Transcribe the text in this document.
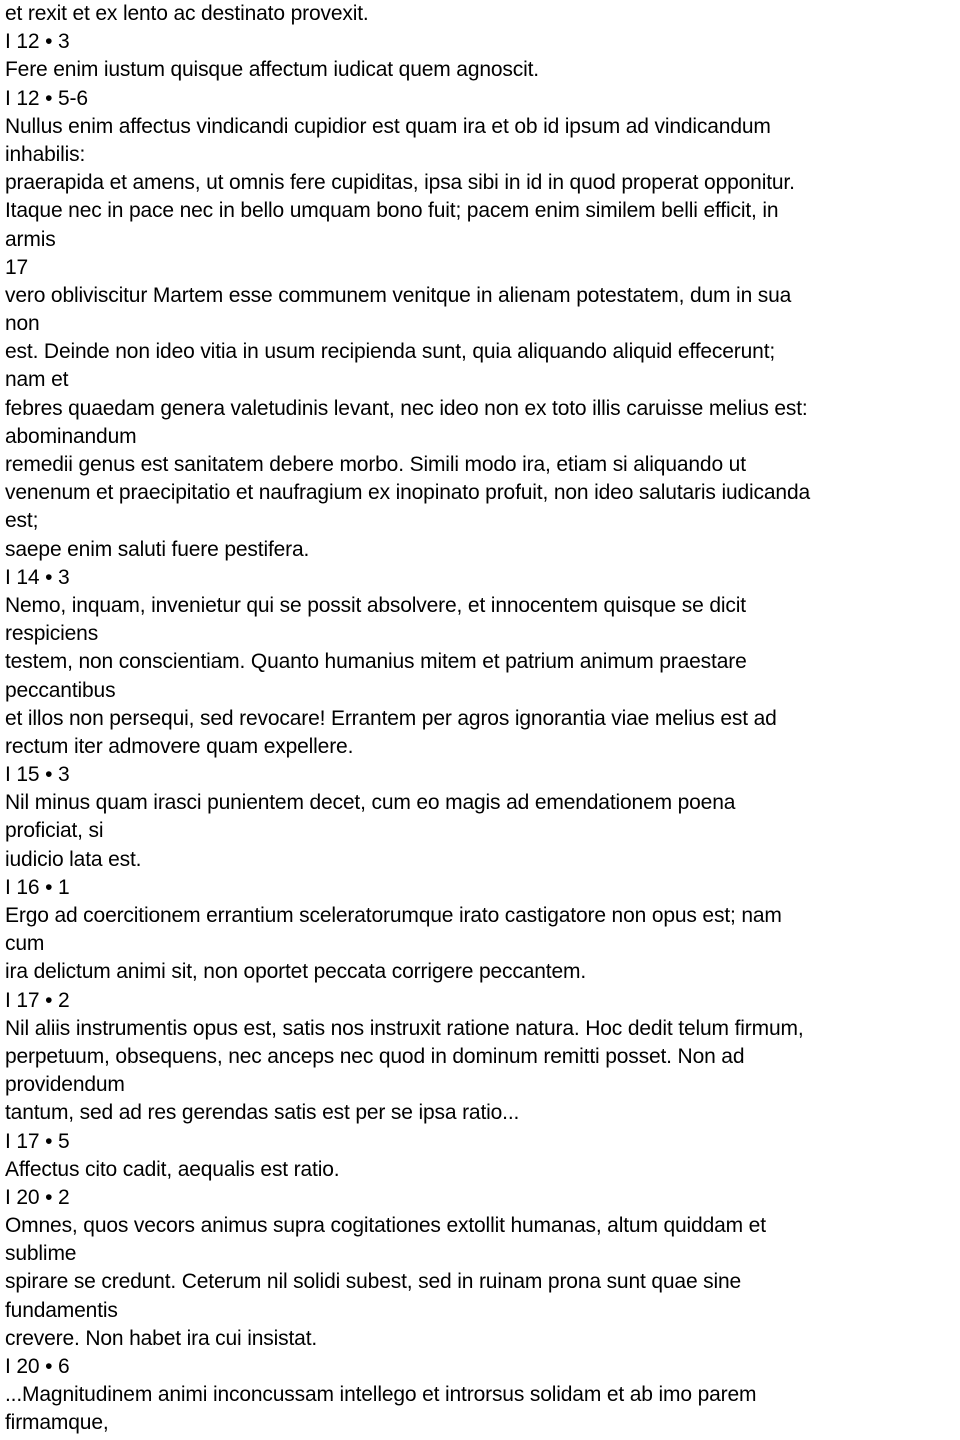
et rexit et ex lento ac destinato provexit.
I 12 • 3
Fere enim iustum quisque affectum iudicat quem agnoscit.
I 12 • 5-6
Nullus enim affectus vindicandi cupidior est quam ira et ob id ipsum ad vindicandum
inhabilis:
praerapida et amens, ut omnis fere cupiditas, ipsa sibi in id in quod properat opponitur.
Itaque nec in pace nec in bello umquam bono fuit; pacem enim similem belli efficit, in
armis
17
vero obliviscitur Martem esse communem venitque in alienam potestatem, dum in sua
non
est. Deinde non ideo vitia in usum recipienda sunt, quia aliquando aliquid effecerunt;
nam et
febres quaedam genera valetudinis levant, nec ideo non ex toto illis caruisse melius est:
abominandum
remedii genus est sanitatem debere morbo. Simili modo ira, etiam si aliquando ut
venenum et praecipitatio et naufragium ex inopinato profuit, non ideo salutaris iudicanda
est;
saepe enim saluti fuere pestifera.
I 14 • 3
Nemo, inquam, invenietur qui se possit absolvere, et innocentem quisque se dicit
respiciens
testem, non conscientiam. Quanto humanius mitem et patrium animum praestare
peccantibus
et illos non persequi, sed revocare! Errantem per agros ignorantia viae melius est ad
rectum iter admovere quam expellere.
I 15 • 3
Nil minus quam irasci punientem decet, cum eo magis ad emendationem poena
proficiat, si
iudicio lata est.
I 16 • 1
Ergo ad coercitionem errantium sceleratorumque irato castigatore non opus est; nam
cum
ira delictum animi sit, non oportet peccata corrigere peccantem.
I 17 • 2
Nil aliis instrumentis opus est, satis nos instruxit ratione natura. Hoc dedit telum firmum,
perpetuum, obsequens, nec anceps nec quod in dominum remitti posset. Non ad
providendum
tantum, sed ad res gerendas satis est per se ipsa ratio...
I 17 • 5
Affectus cito cadit, aequalis est ratio.
I 20 • 2
Omnes, quos vecors animus supra cogitationes extollit humanas, altum quiddam et
sublime
spirare se credunt. Ceterum nil solidi subest, sed in ruinam prona sunt quae sine
fundamentis
crevere. Non habet ira cui insistat.
I 20 • 6
...Magnitudinem animi inconcussam intellego et introrsus solidam et ab imo parem
firmamque,
